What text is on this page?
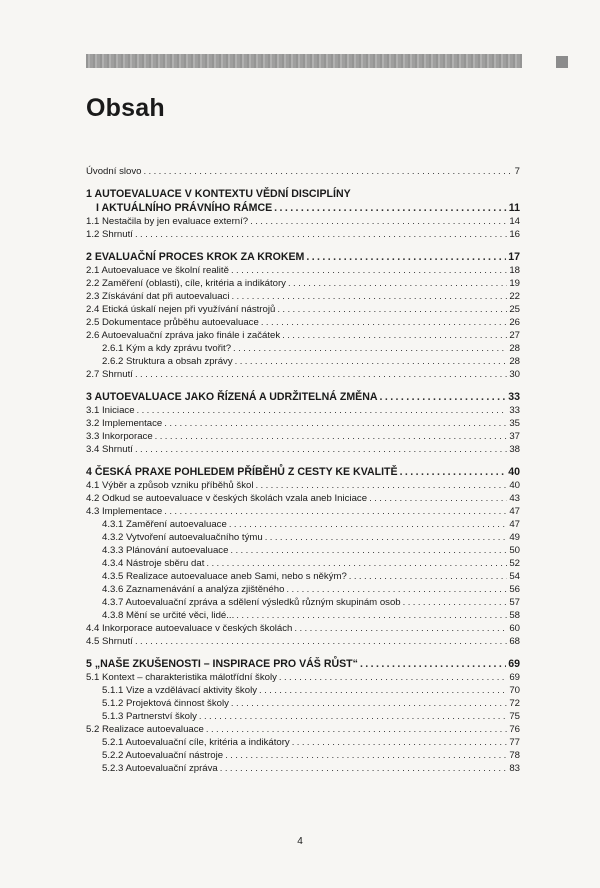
Obsah
Úvodní slovo .....	7
1 AUTOEVALUACE V KONTEXTU VĚDNÍ DISCIPLÍNY
I AKTUÁLNÍHO PRÁVNÍHO RÁMCE .....	11
1.1 Nestačila by jen evaluace externí? .....	14
1.2 Shrnutí .....	16
2 EVALUAČNÍ PROCES KROK ZA KROKEM .....	17
2.1 Autoevaluace ve školní realitě .....	18
2.2 Zaměření (oblasti), cíle, kritéria a indikátory .....	19
2.3 Získávání dat při autoevaluaci .....	22
2.4 Etická úskalí nejen při využívání nástrojů .....	25
2.5 Dokumentace průběhu autoevaluace .....	26
2.6 Autoevaluační zpráva jako finále i začátek .....	27
2.6.1 Kým a kdy zprávu tvořit? .....	28
2.6.2 Struktura a obsah zprávy .....	28
2.7 Shrnutí .....	30
3 AUTOEVALUACE JAKO ŘÍZENÁ A UDRŽITELNÁ ZMĚNA .....	33
3.1 Iniciace .....	33
3.2 Implementace .....	35
3.3 Inkorporace .....	37
3.4 Shrnutí .....	38
4 ČESKÁ PRAXE POHLEDEM PŘÍBĚHŮ Z CESTY KE KVALITĚ .....	40
4.1 Výběr a způsob vzniku příběhů škol .....	40
4.2 Odkud se autoevaluace v českých školách vzala aneb Iniciace .....	43
4.3 Implementace .....	47
4.3.1 Zaměření autoevaluace .....	47
4.3.2 Vytvoření autoevaluačního týmu .....	49
4.3.3 Plánování autoevaluace .....	50
4.3.4 Nástroje sběru dat .....	52
4.3.5 Realizace autoevaluace aneb Sami, nebo s někým? .....	54
4.3.6 Zaznamenávání a analýza zjištěného .....	56
4.3.7 Autoevaluační zpráva a sdělení výsledků různým skupinám osob .....	57
4.3.8 Mění se určité věci, lidé... .....	58
4.4 Inkorporace autoevaluace v českých školách .....	60
4.5 Shrnutí .....	68
5 „NAŠE ZKUŠENOSTI – INSPIRACE PRO VÁŠ RŮST“ .....	69
5.1 Kontext – charakteristika málotřídní školy .....	69
5.1.1 Vize a vzdělávací aktivity školy .....	70
5.1.2 Projektová činnost školy .....	72
5.1.3 Partnerství školy .....	75
5.2 Realizace autoevaluace .....	76
5.2.1 Autoevaluační cíle, kritéria a indikátory .....	77
5.2.2 Autoevaluační nástroje .....	78
5.2.3 Autoevaluační zpráva .....	83
4
